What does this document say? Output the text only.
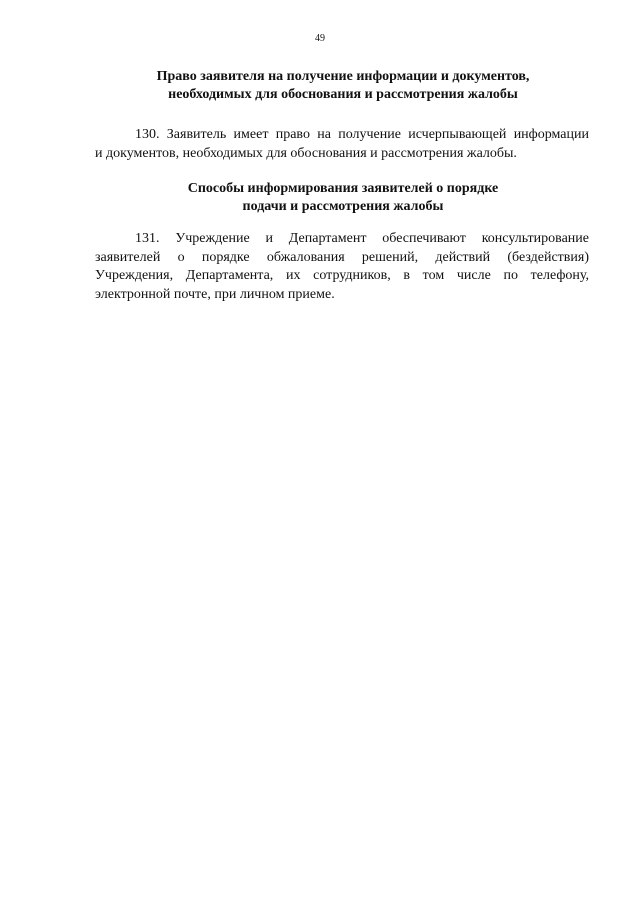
49
Право заявителя на получение информации и документов,
необходимых для обоснования и рассмотрения жалобы
130. Заявитель имеет право на получение исчерпывающей информации
и документов, необходимых для обоснования и рассмотрения жалобы.
Способы информирования заявителей о порядке
подачи и рассмотрения жалобы
131. Учреждение и Департамент обеспечивают консультирование
заявителей о порядке обжалования решений, действий (бездействия)
Учреждения, Департамента, их сотрудников, в том числе по телефону,
электронной почте, при личном приеме.
